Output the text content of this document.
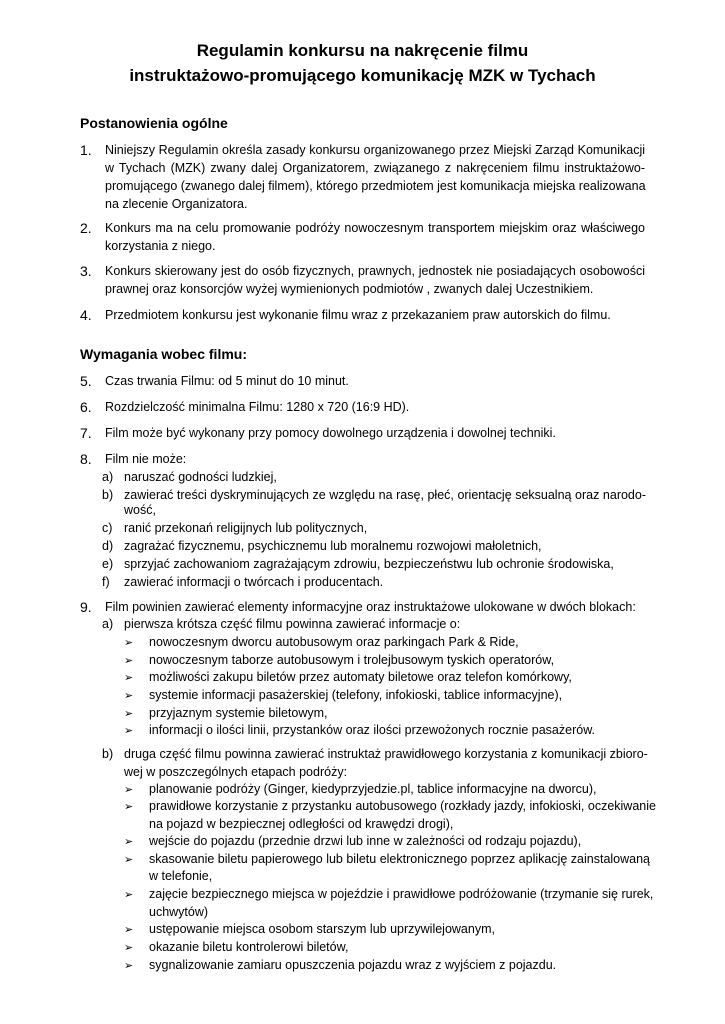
Regulamin konkursu na nakręcenie filmu
instruktażowo-promującego komunikację MZK w Tychach
Postanowienia ogólne
1. Niniejszy Regulamin określa zasady konkursu organizowanego przez Miejski Zarząd Komunikacji
w Tychach (MZK) zwany dalej Organizatorem, związanego z nakręceniem filmu instruktażowo-
promującego (zwanego dalej filmem), którego przedmiotem jest komunikacja miejska realizowana
na zlecenie Organizatora.
2. Konkurs ma na celu promowanie podróży nowoczesnym transportem miejskim oraz właściwego
korzystania z niego.
3. Konkurs skierowany jest do osób fizycznych, prawnych, jednostek nie posiadających osobowości
prawnej oraz konsorcjów wyżej wymienionych podmiotów , zwanych dalej Uczestnikiem.
4. Przedmiotem konkursu jest wykonanie filmu wraz z przekazaniem praw autorskich do filmu.
Wymagania wobec filmu:
5. Czas trwania Filmu: od 5 minut do 10 minut.
6. Rozdzielczość minimalna Filmu: 1280 x 720 (16:9 HD).
7. Film może być wykonany przy pomocy dowolnego urządzenia i dowolnej techniki.
8. Film nie może:
a) naruszać godności ludzkiej,
b) zawierać treści dyskryminujących ze względu na rasę, płeć, orientację seksualną oraz narodo-
wość,
c) ranić przekonań religijnych lub politycznych,
d) zagrażać fizycznemu, psychicznemu lub moralnemu rozwojowi małoletnich,
e) sprzyjać zachowaniom zagrażającym zdrowiu, bezpieczeństwu lub ochronie środowiska,
f) zawierać informacji o twórcach i producentach.
9. Film powinien zawierać elementy informacyjne oraz instruktażowe ulokowane w dwóch blokach:
a) pierwsza krótsza część filmu powinna zawierać informacje o:
➢ nowoczesnym dworcu autobusowym oraz parkingach Park & Ride,
➢ nowoczesnym taborze autobusowym i trolejbusowym tyskich operatorów,
➢ możliwości zakupu biletów przez automaty biletowe oraz telefon komórkowy,
➢ systemie informacji pasażerskiej (telefony, infokioski, tablice informacyjne),
➢ przyjaznym systemie biletowym,
➢ informacji o ilości linii, przystanków oraz ilości przewożonych rocznie pasażerów.
b) druga część filmu powinna zawierać instruktaż prawidłowego korzystania z komunikacji zbioro-
wej w poszczególnych etapach podróży:
➢ planowanie podróży (Ginger, kiedyprzyjedzie.pl, tablice informacyjne na dworcu),
➢ prawidłowe korzystanie z przystanku autobusowego (rozkłady jazdy, infokioski, oczekiwanie
na pojazd w bezpiecznej odległości od krawędzi drogi),
➢ wejście do pojazdu (przednie drzwi lub inne w zależności od rodzaju pojazdu),
➢ skasowanie biletu papierowego lub biletu elektronicznego poprzez aplikację zainstalowaną
w telefonie,
➢ zajęcie bezpiecznego miejsca w pojeździe i prawidłowe podróżowanie (trzymanie się rurek,
uchwytów)
➢ ustępowanie miejsca osobom starszym lub uprzywilejowanym,
➢ okazanie biletu kontrolerowi biletów,
➢ sygnalizowanie zamiaru opuszczenia pojazdu wraz z wyjściem z pojazdu.
